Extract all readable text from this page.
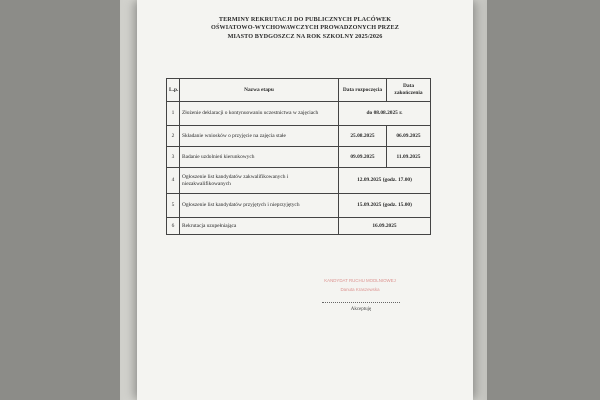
TERMINY REKRUTACJI DO PUBLICZNYCH PLACÓWEK
OŚWIATOWO-WYCHOWAWCZYCH PROWADZONYCH PRZEZ
MIASTO BYDGOSZCZ NA ROK SZKOLNY 2025/2026
L.p.	Nazwa etapu	Data rozpoczęcia	Data zakończenia
1	Złożenie deklaracji o kontynuowaniu uczestnictwa w zajęciach	do 08.08.2025 r.	
2	Składanie wniosków o przyjęcie na zajęcia stałe	25.08.2025	06.09.2025
3	Badanie uzdolnień kierunkowych	09.09.2025	11.09.2025
4	Ogłoszenie list kandydatów zakwalifikowanych i niezakwalifikowanych	12.09.2025 (godz. 17.00)	
5	Ogłoszenie list kandydatów przyjętych i nieprzyjętych	15.09.2025 (godz. 15.00)	
6	Rekrutacja uzupełniająca	16.09.2025	
KANDYDAT RUCHU MODLNIOWEJ
Danuta Kraszewska
Akceptuję
